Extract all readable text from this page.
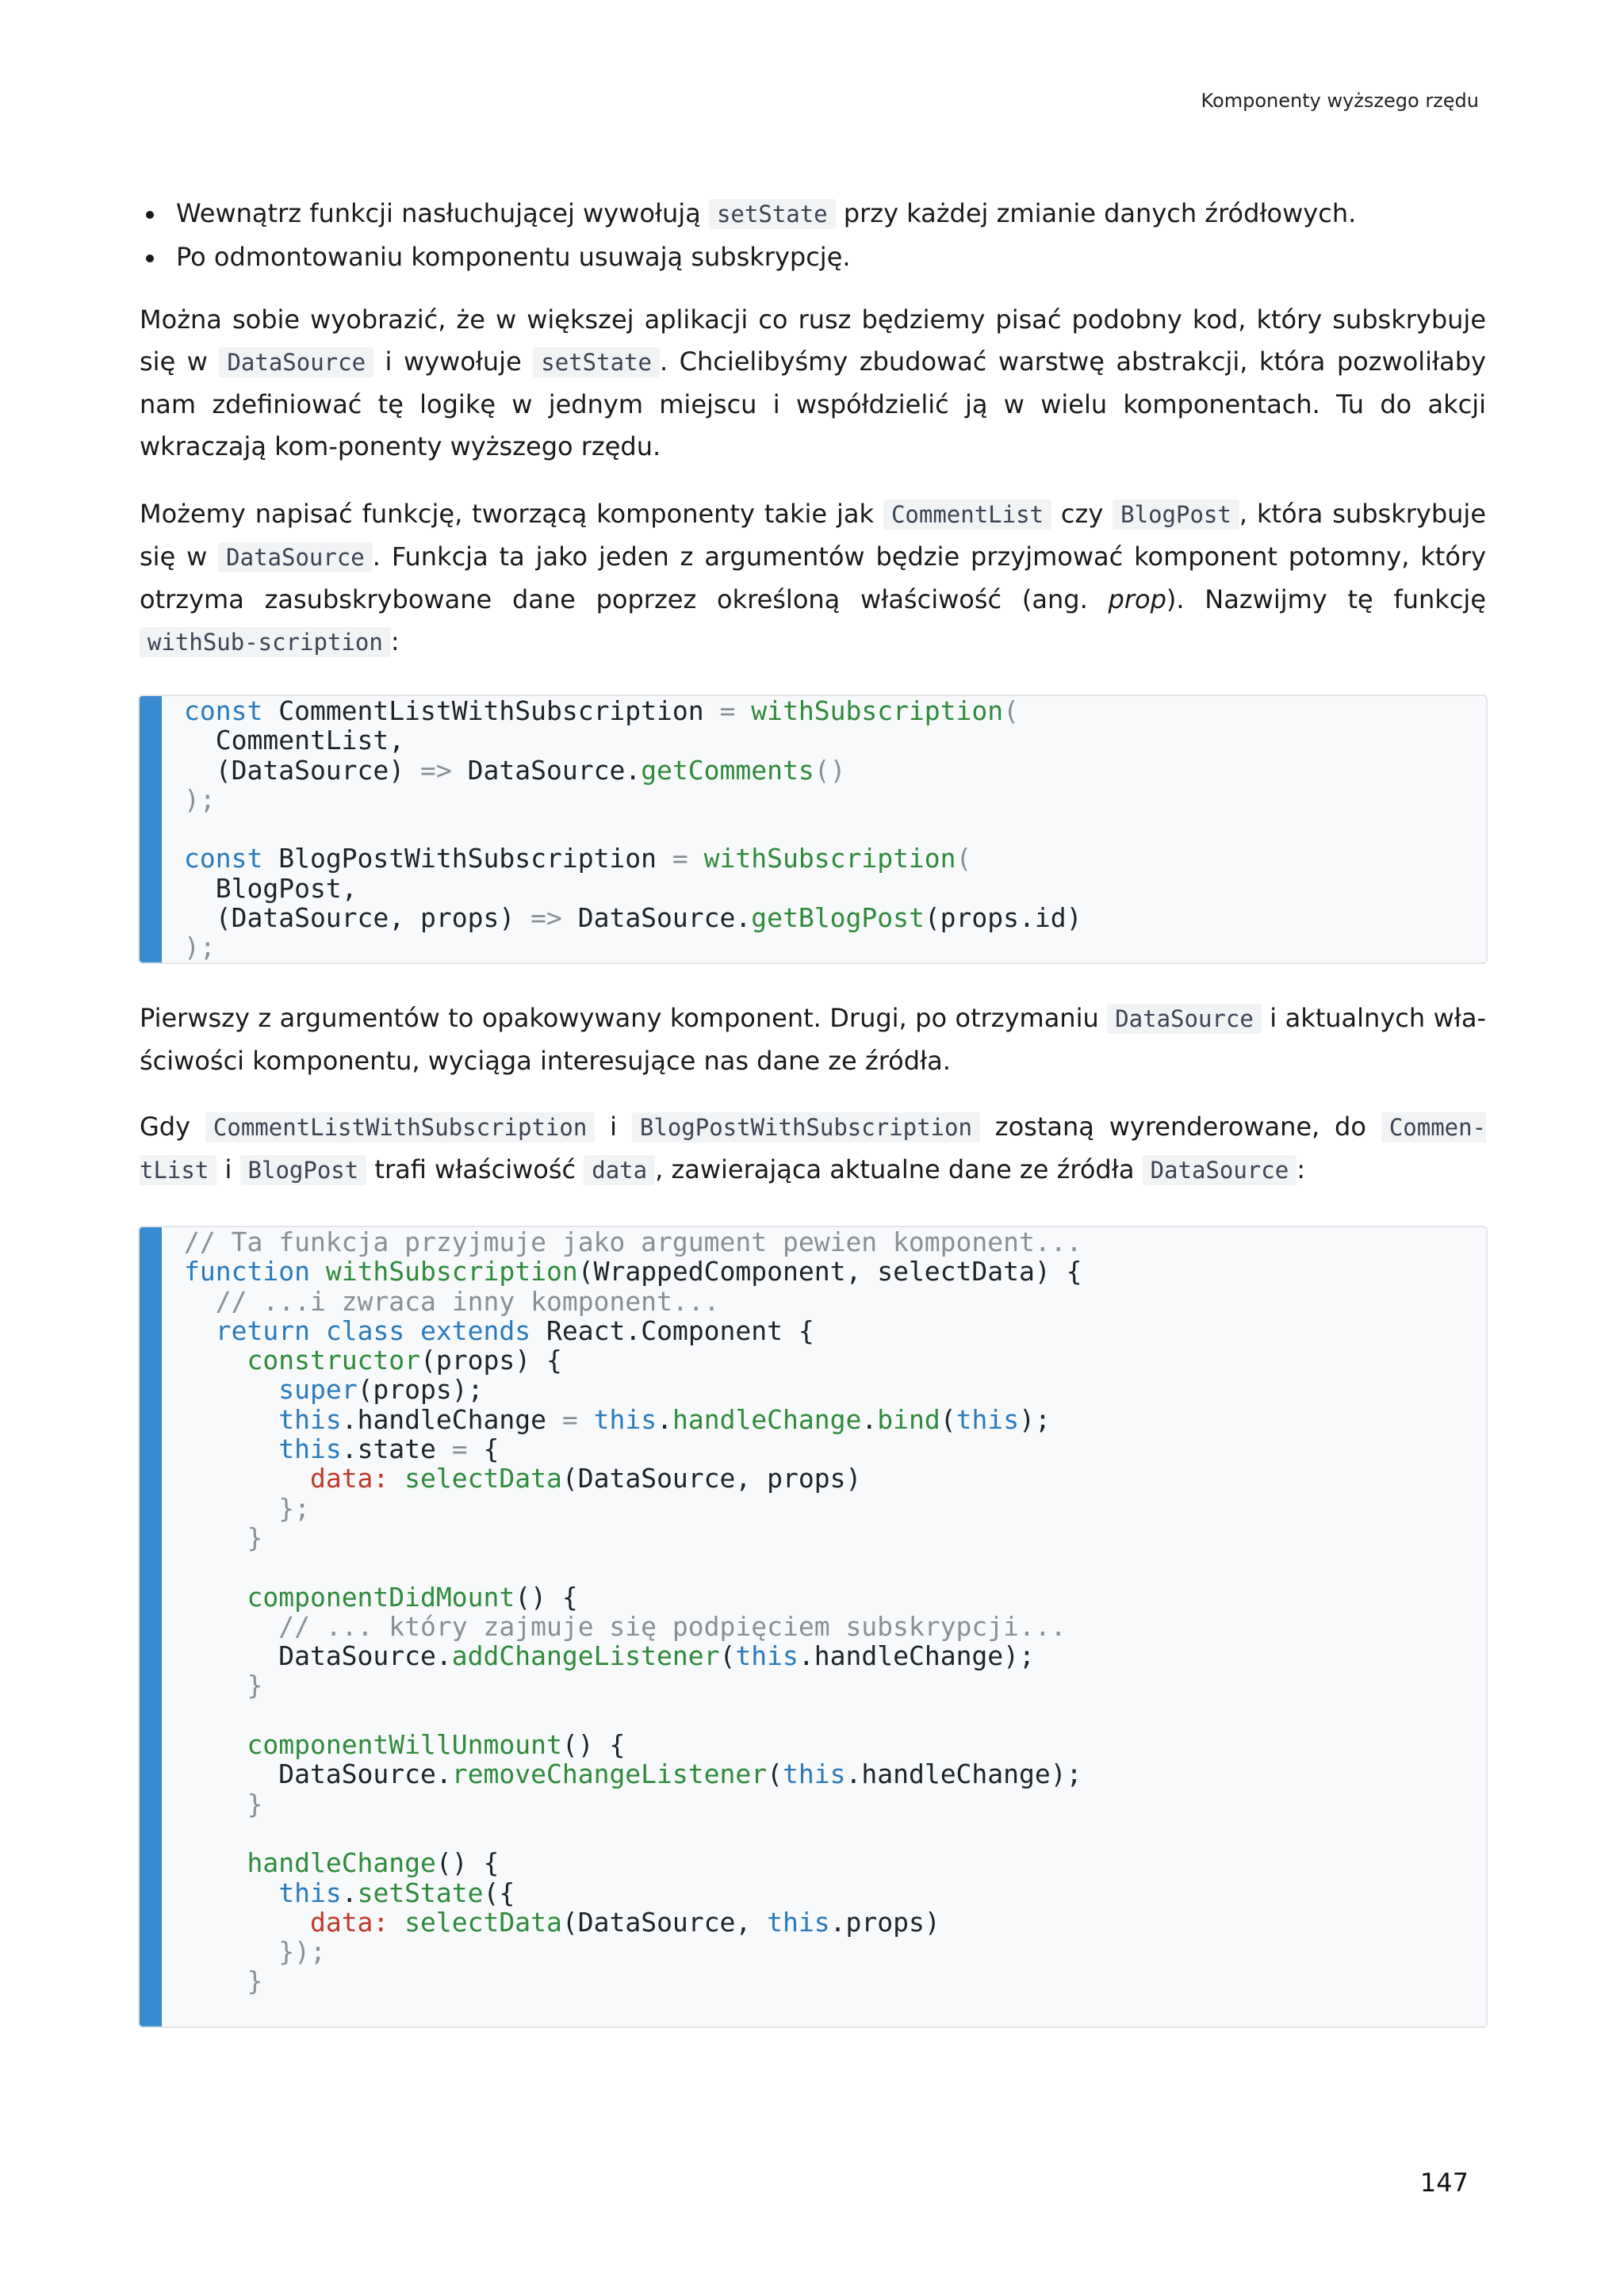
Komponenty wyższego rzędu
Wewnątrz funkcji nasłuchującej wywołują setState przy każdej zmianie danych źródłowych.
Po odmontowaniu komponentu usuwają subskrypcję.

Można sobie wyobrazić, że w większej aplikacji co rusz będziemy pisać podobny kod, który subskrybuje się w DataSource i wywołuje setState . Chcielibyśmy zbudować warstwę abstrakcji, która pozwoliłaby nam zdefiniować tę logikę w jednym miejscu i współdzielić ją w wielu komponentach. Tu do akcji wkraczają kom-ponenty wyższego rzędu.

Możemy napisać funkcję, tworzącą komponenty takie jak CommentList czy BlogPost , która subskrybuje się w DataSource . Funkcja ta jako jeden z argumentów będzie przyjmować komponent potomny, który otrzyma zasubskrybowane dane poprzez określoną właściwość (ang. prop). Nazwijmy tę funkcję withSub-scription :

const CommentListWithSubscription = withSubscription(
CommentList,
(DataSource) => DataSource.getComments()
);

const BlogPostWithSubscription = withSubscription(
BlogPost,
(DataSource, props) => DataSource.getBlogPost(props.id)
);

Pierwszy z argumentów to opakowywany komponent. Drugi, po otrzymaniu DataSource i aktualnych wła-ściwości komponentu, wyciąga interesujące nas dane ze źródła.

Gdy CommentListWithSubscription i BlogPostWithSubscription zostaną wyrenderowane, do Commen-tList i BlogPost trafi właściwość data , zawierająca aktualne dane ze źródła DataSource :

// Ta funkcja przyjmuje jako argument pewien komponent...
function withSubscription(WrappedComponent, selectData) {
// ...i zwraca inny komponent...
return class extends React.Component {
constructor(props) {
super(props);
this.handleChange = this.handleChange.bind(this);
this.state = {
data: selectData(DataSource, props)
};
}

componentDidMount() {
// ... który zajmuje się podpięciem subskrypcji...
DataSource.addChangeListener(this.handleChange);
}

componentWillUnmount() {
DataSource.removeChangeListener(this.handleChange);
}

handleChange() {
this.setState({
data: selectData(DataSource, this.props)
});
}
147
